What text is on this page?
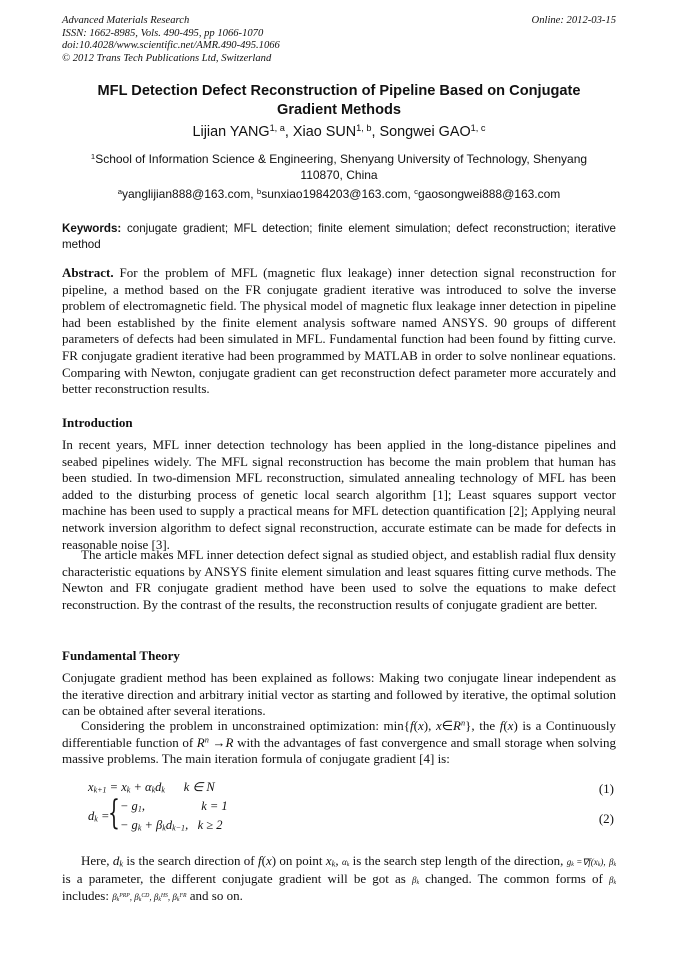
Advanced Materials Research
ISSN: 1662-8985, Vols. 490-495, pp 1066-1070
doi:10.4028/www.scientific.net/AMR.490-495.1066
© 2012 Trans Tech Publications Ltd, Switzerland
Online: 2012-03-15
MFL Detection Defect Reconstruction of Pipeline Based on Conjugate
Gradient Methods
Lijian YANG$^{1, a}$, Xiao SUN$^{1, b}$, Songwei GAO$^{1, c}$
$^1$School of Information Science & Engineering, Shenyang University of Technology, Shenyang
110870, China
$^a$yanglijian888@163.com, $^b$sunxiao1984203@163.com, $^c$gaosongwei888@163.com
Keywords: conjugate gradient; MFL detection; finite element simulation; defect reconstruction; iterative method
Abstract. For the problem of MFL (magnetic flux leakage) inner detection signal reconstruction for pipeline, a method based on the FR conjugate gradient iterative was introduced to solve the inverse problem of electromagnetic field. The physical model of magnetic flux leakage inner detection in pipeline had been established by the finite element analysis software named ANSYS. 90 groups of different parameters of defects had been simulated in MFL. Fundamental function had been found by fitting curve. FR conjugate gradient iterative had been programmed by MATLAB in order to solve nonlinear equations. Comparing with Newton, conjugate gradient can get reconstruction defect parameter more accurately and better reconstruction results.
Introduction
In recent years, MFL inner detection technology has been applied in the long-distance pipelines and seabed pipelines widely. The MFL signal reconstruction has become the main problem that human has been studied. In two-dimension MFL reconstruction, simulated annealing technology of MFL has been added to the disturbing process of genetic local search algorithm [1]; Least squares support vector machine has been used to supply a practical means for MFL detection quantification [2]; Applying neural network inversion algorithm to defect signal reconstruction, accurate estimate can be made for defects in reasonable noise [3].
The article makes MFL inner detection defect signal as studied object, and establish radial flux density characteristic equations by ANSYS finite element simulation and least squares fitting curve methods. The Newton and FR conjugate gradient method have been used to solve the equations to make defect reconstruction. By the contrast of the results, the reconstruction results of conjugate gradient are better.
Fundamental Theory
Conjugate gradient method has been explained as follows: Making two conjugate linear independent as the iterative direction and arbitrary initial vector as starting and followed by iterative, the optimal solution can be obtained after several iterations.
Considering the problem in unconstrained optimization: min{f(x), $x\in R^n$}, the f(x) is a Continuously differentiable function of $R^n \to R$ with the advantages of fast convergence and small storage when solving massive problems. The main iteration formula of conjugate gradient [4] is:
$x_{k+1} = x_k + \alpha_kd_k$      k ∈ N	(1)
$d_k$ =
{ − $g_1$,                  k = 1
− $g_k + \beta_kd_{k-1}$,   k ≥ 2	(2)
Here, $d_k$ is the search direction of f(x) on point $x_k$, $\alpha_k$ is the search step length of the direction, $g_k =\nabla f(x_k)$, $\beta_k$ is a parameter, the different conjugate gradient will be got as $\beta_k$ changed. The common forms of $\beta_k$ includes: $\beta_k^{PRP}$, $\beta_k^{CD}$, $\beta_k^{HS}$, $\beta_k^{FR}$ and so on.
